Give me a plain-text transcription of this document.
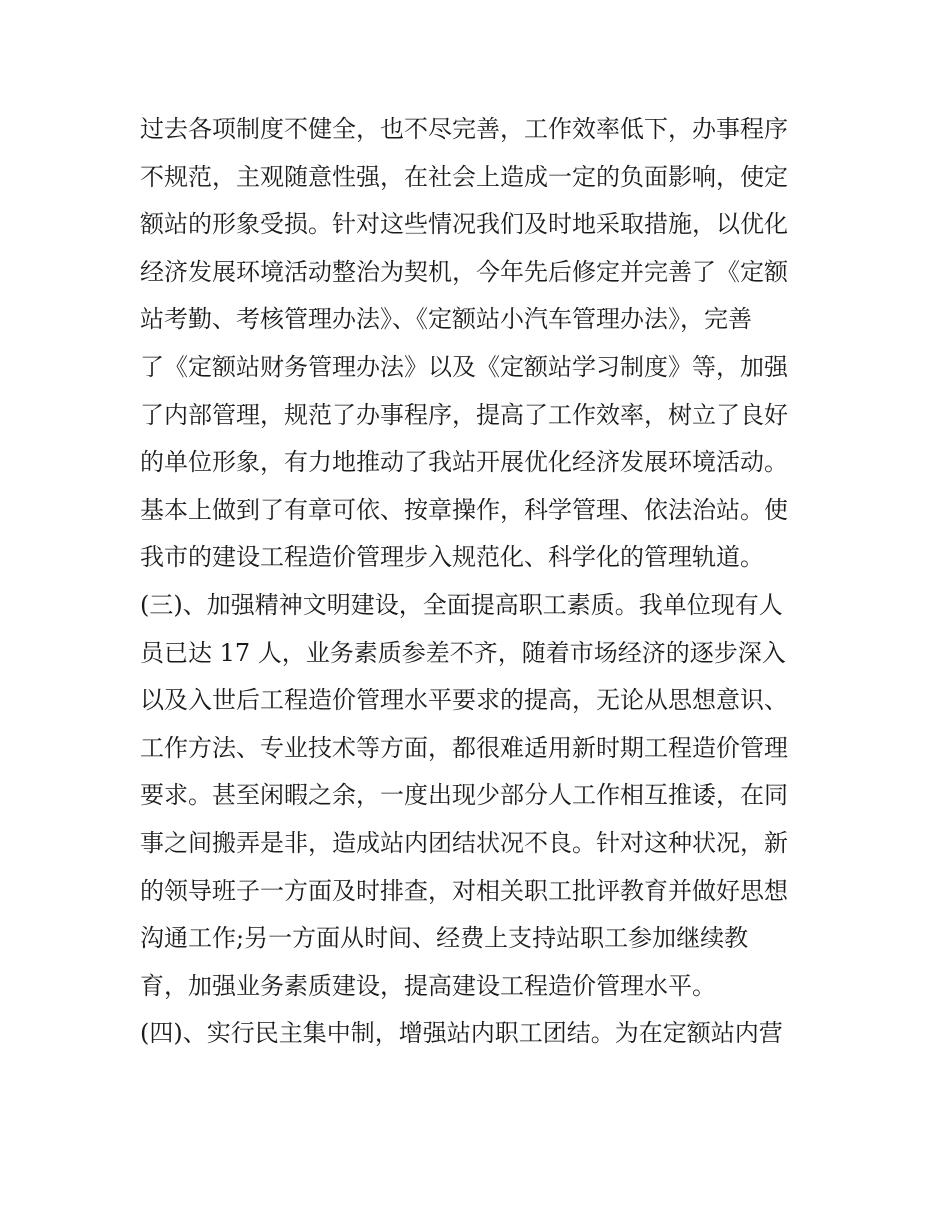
过去各项制度不健全，也不尽完善，工作效率低下，办事程序
不规范，主观随意性强，在社会上造成一定的负面影响，使定
额站的形象受损。针对这些情况我们及时地采取措施，以优化
经济发展环境活动整治为契机，今年先后修定并完善了《定额
站考勤、考核管理办法》、《定额站小汽车管理办法》，完善
了《定额站财务管理办法》以及《定额站学习制度》等，加强
了内部管理，规范了办事程序，提高了工作效率，树立了良好
的单位形象，有力地推动了我站开展优化经济发展环境活动。
基本上做到了有章可依、按章操作，科学管理、依法治站。使
我市的建设工程造价管理步入规范化、科学化的管理轨道。
(三)、加强精神文明建设，全面提高职工素质。我单位现有人
员已达 17 人，业务素质参差不齐，随着市场经济的逐步深入
以及入世后工程造价管理水平要求的提高，无论从思想意识、
工作方法、专业技术等方面，都很难适用新时期工程造价管理
要求。甚至闲暇之余，一度出现少部分人工作相互推诿，在同
事之间搬弄是非，造成站内团结状况不良。针对这种状况，新
的领导班子一方面及时排查，对相关职工批评教育并做好思想
沟通工作;另一方面从时间、经费上支持站职工参加继续教
育，加强业务素质建设，提高建设工程造价管理水平。
(四)、实行民主集中制，增强站内职工团结。为在定额站内营
